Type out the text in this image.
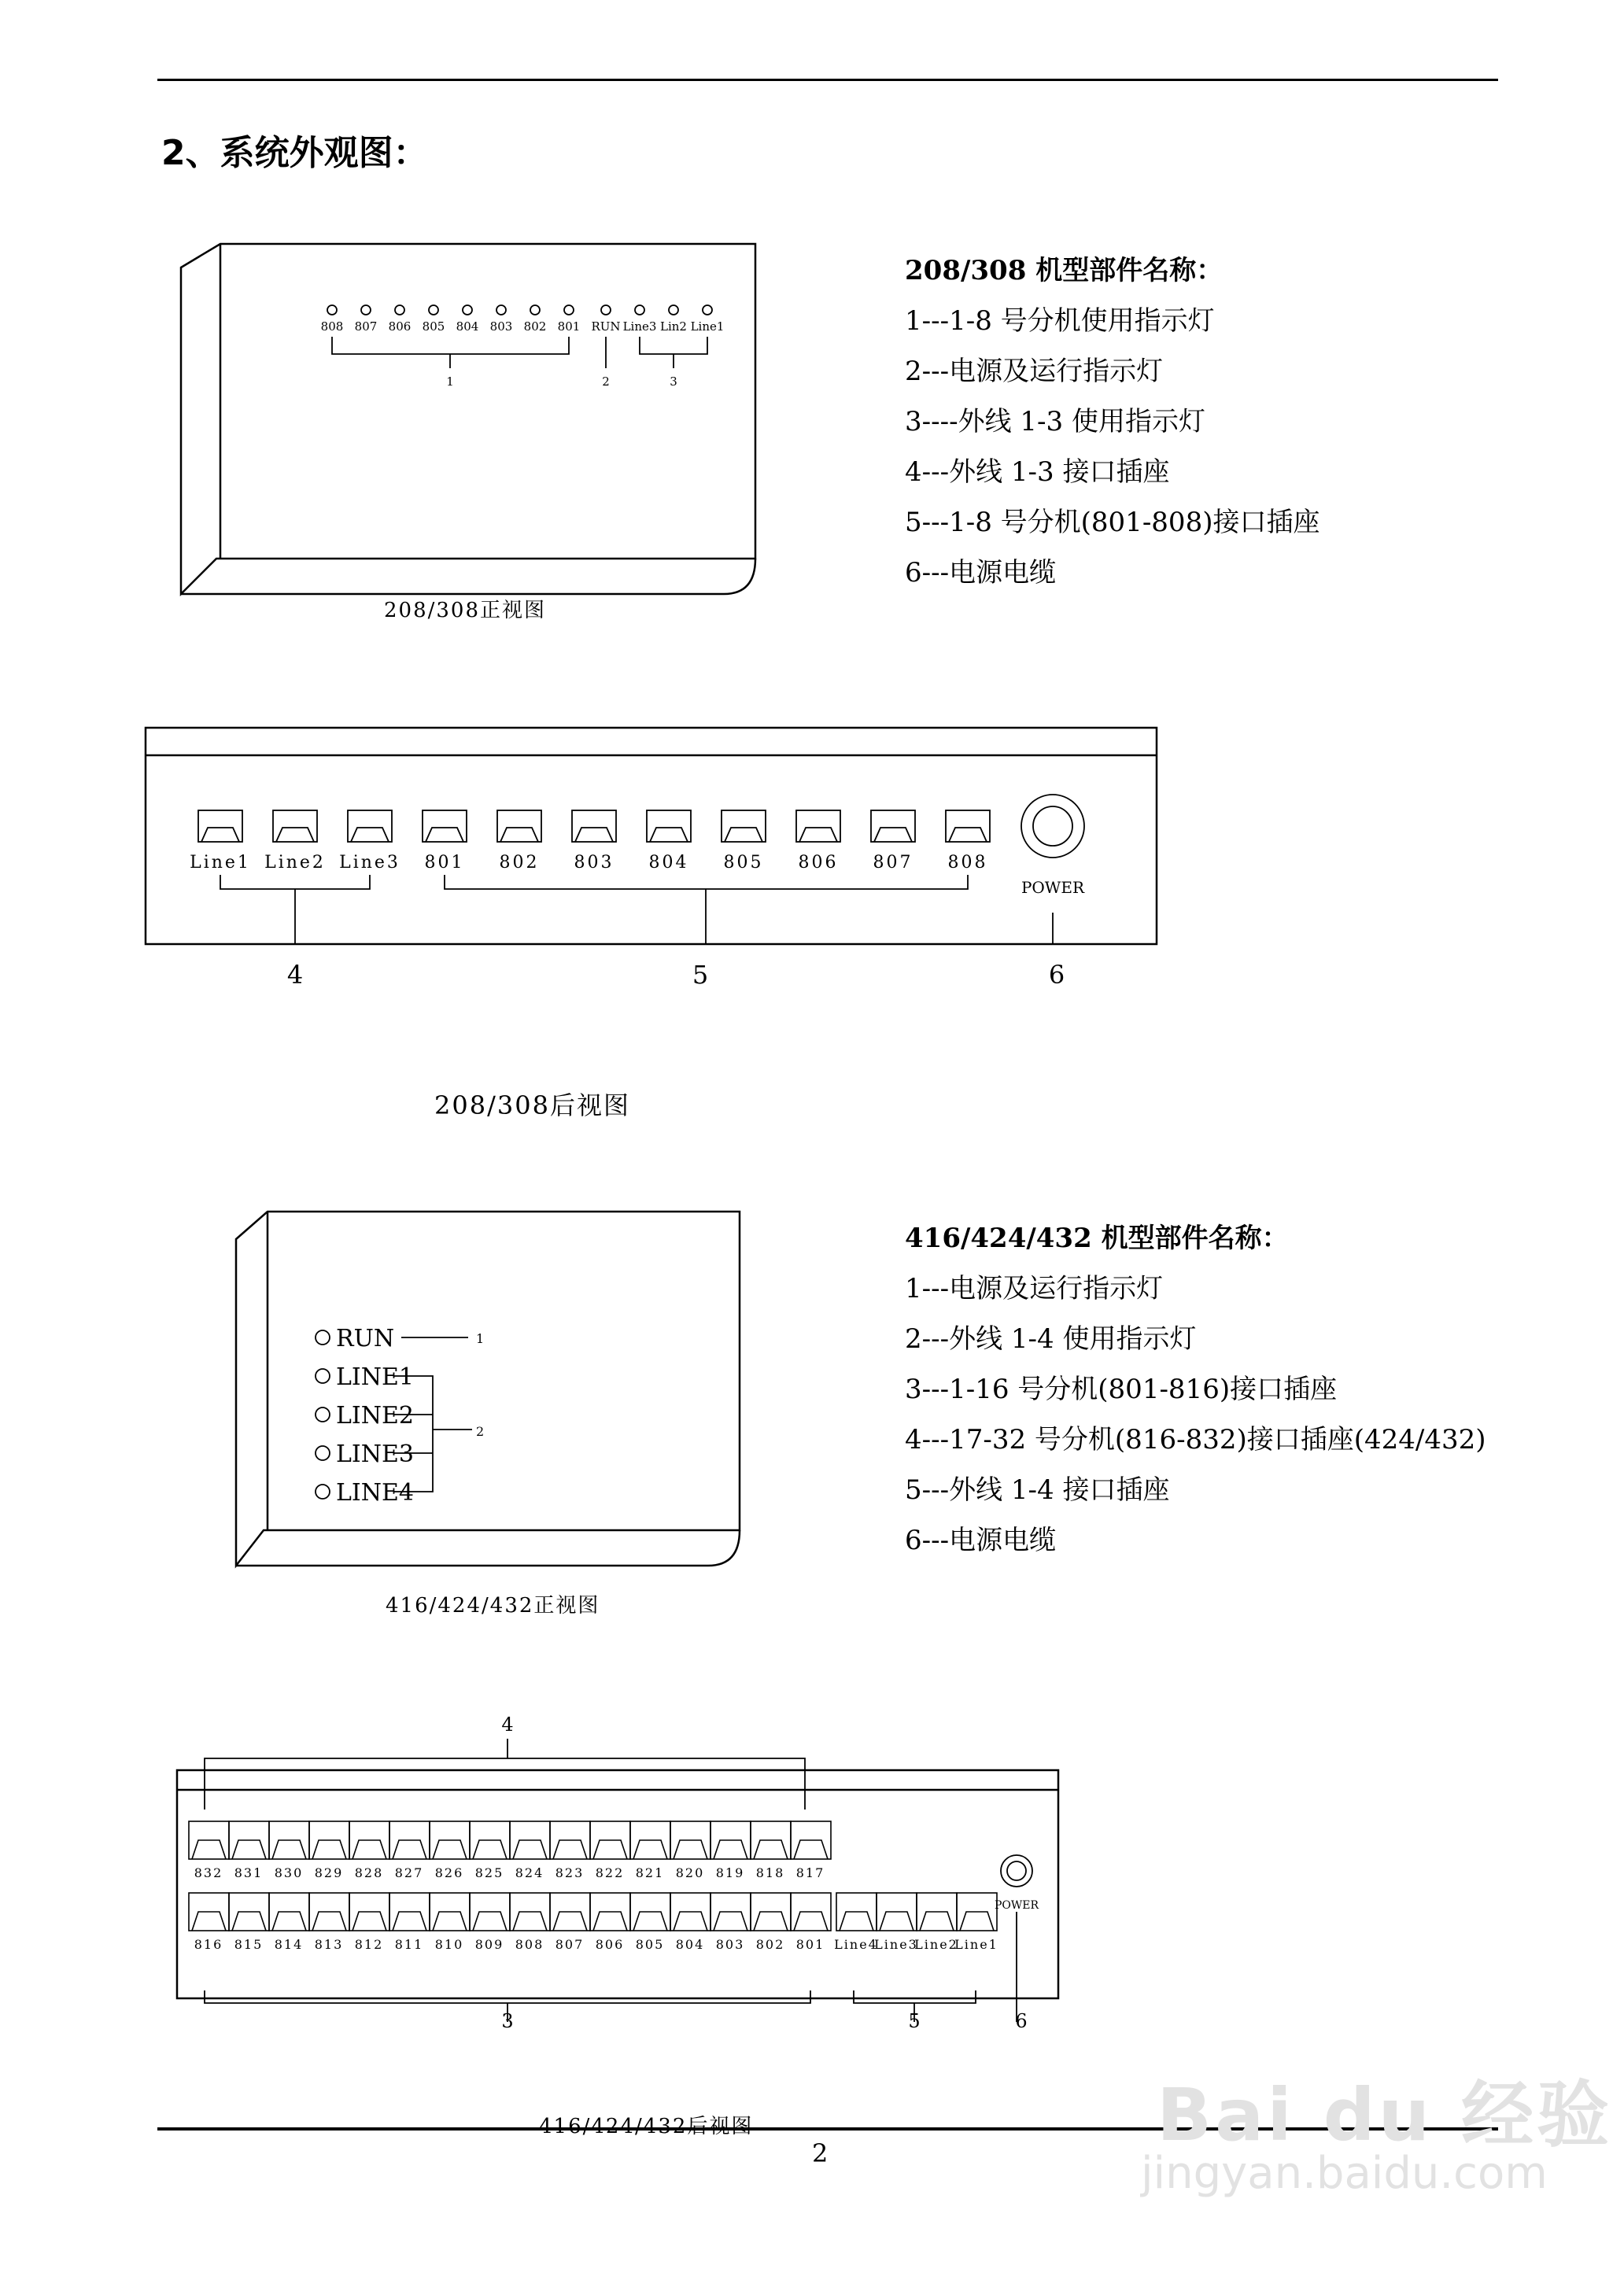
2、系统外观图：
208/308 机型部件名称：
1---1-8 号分机使用指示灯
2---电源及运行指示灯
3----外线 1-3 使用指示灯
4---外线 1-3 接口插座
5---1-8 号分机(801-808)接口插座
6---电源电缆
808 807 806 805 804 803 802 801 RUN Line3 Lin2 Line1
1	2	3
208/308正视图
Line1 Line2 Line3 801 802 803 804 805 806 807 808
POWER
4	5	6
208/308后视图
416/424/432 机型部件名称：
1---电源及运行指示灯
2---外线 1-4 使用指示灯
3---1-16 号分机(801-816)接口插座
4---17-32 号分机(816-832)接口插座(424/432)
5---外线 1-4 接口插座
6---电源电缆
RUN
LINE1
LINE2
LINE3
LINE4
1
2
416/424/432正视图
832 831 830 829 828 827 826 825 824 823 822 821 820 819 818 817
816 815 814 813 812 811 810 809 808 807 806 805 804 803 802 801 Line4
Line3
Line2
Line1
POWER
4
3	5	6
416/424/432后视图
2	Bai du 经验
jingyan.baidu.com
